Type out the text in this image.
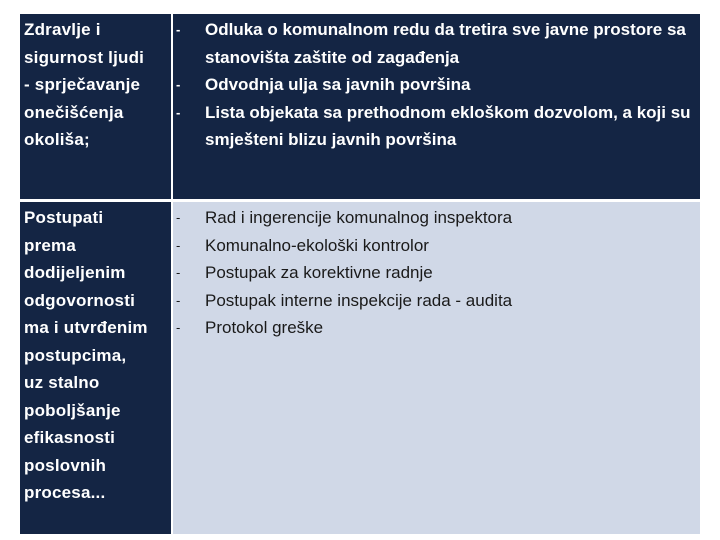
Zdravlje i
sigurnost ljudi
- sprječavanje
onečišćenja
okoliša;
-	Odluka o komunalnom redu da tretira sve javne prostore sa stanovišta zaštite od zagađenja
-	Odvodnja ulja sa javnih površina
-	Lista objekata sa prethodnom eklоškom dozvolom, a koji su smješteni blizu javnih površina
Postupati
prema
dodijeljenim
odgovornosti
ma i utvrđenim
postupcima,
uz stalno
poboljšanje
efikasnosti
poslovnih
procesa...
-	Rad i ingerencije komunalnog inspektora
-	Komunalno-ekološki kontrolor
-	Postupak za korektivne radnje
-	Postupak interne inspekcije rada - audita
-	Protokol greške
